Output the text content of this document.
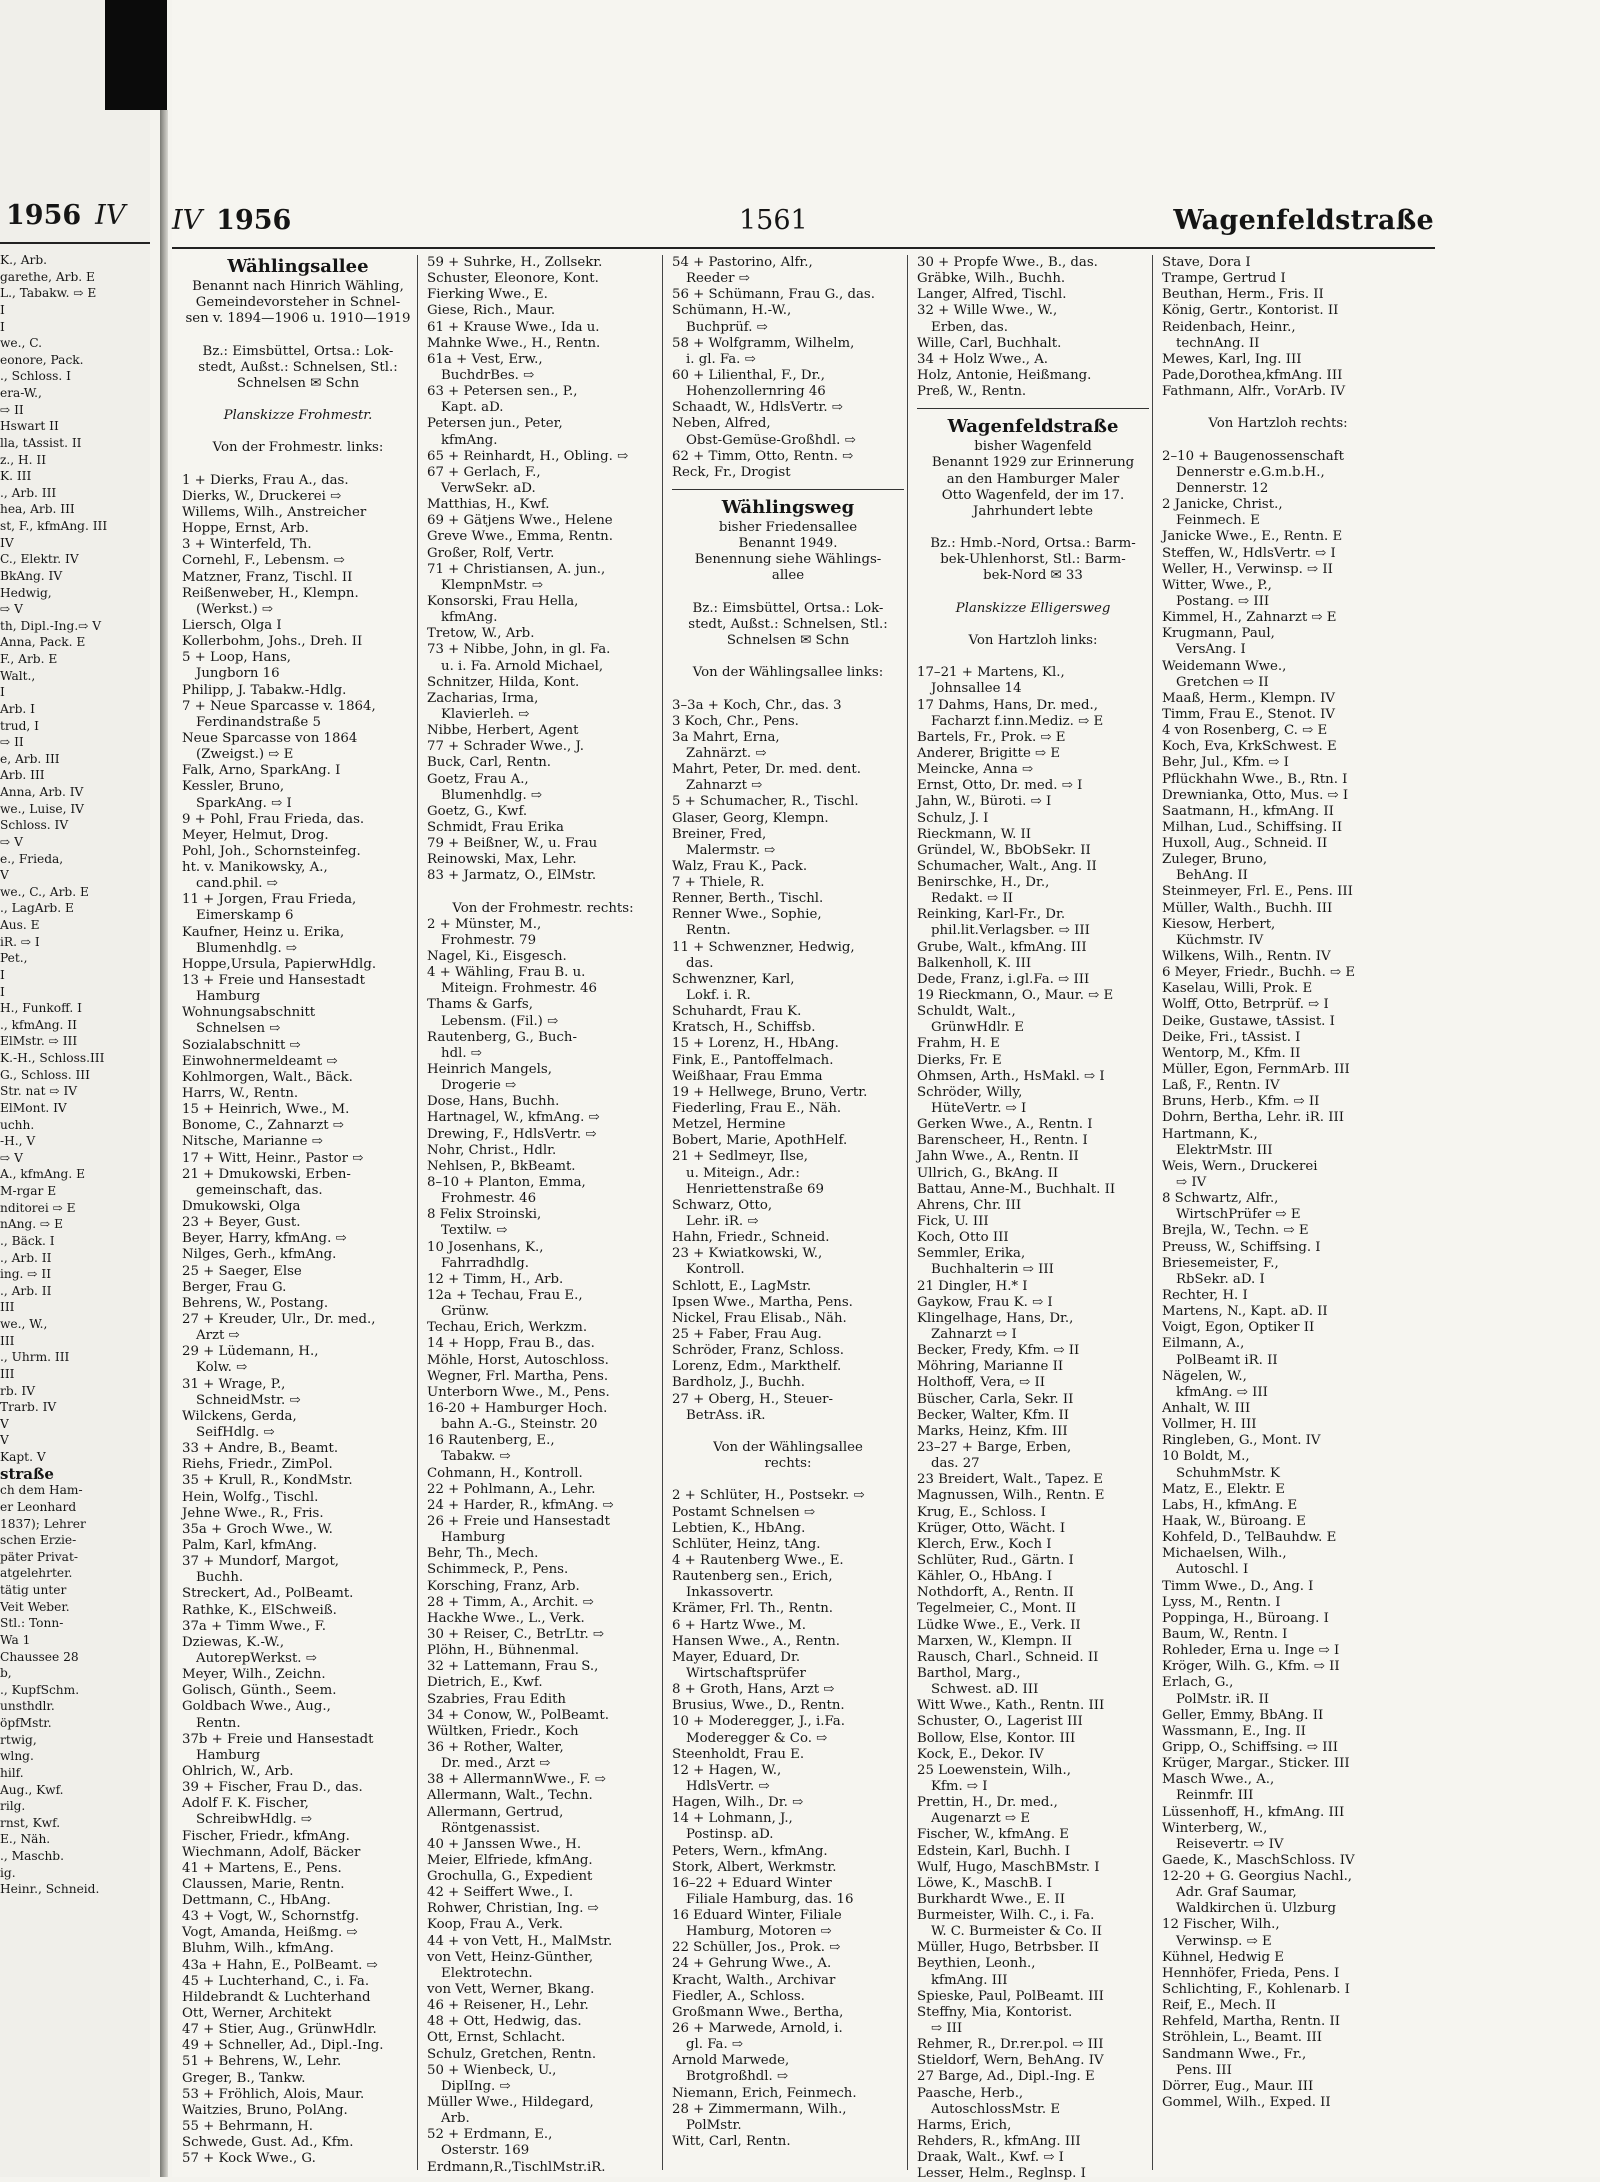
1956 IV
K., Arb.
garethe, Arb. E
L., Tabakw. ⇨ E
I
I
we., C.
eonore, Pack.
., Schloss. I
era-W.,
⇨ II
Hswart II
lla, tAssist. II
z., H. II
K. III
., Arb. III
hea, Arb. III
st, F., kfmAng. III
IV
C., Elektr. IV
BkAng. IV
Hedwig,
⇨ V
th, Dipl.-Ing.⇨ V
Anna, Pack. E
F., Arb. E
Walt.,
I
Arb. I
trud, I
⇨ II
e, Arb. III
Arb. III
Anna, Arb. IV
we., Luise, IV
Schloss. IV
⇨ V
e., Frieda,
V
we., C., Arb. E
., LagArb. E
Aus. E
iR. ⇨ I
Pet.,
I
I
H., Funkoff. I
., kfmAng. II
ElMstr. ⇨ III
K.-H., Schloss.III
G., Schloss. III
Str. nat ⇨ IV
ElMont. IV
uchh.
-H., V
⇨ V
A., kfmAng. E
M-rgar E
nditorei ⇨ E
nAng. ⇨ E
., Bäck. I
., Arb. II
ing. ⇨ II
., Arb. II
III
we., W.,
III
., Uhrm. III
III
rb. IV
Trarb. IV
V
V
Kapt. V
straße
ch dem Ham-
er Leonhard
1837); Lehrer
schen Erzie-
päter Privat-
atgelehrter.
tätig unter
Veit Weber.
Stl.: Tonn-
Wa 1
Chaussee 28
b,
., KupfSchm.
unsthdlr.
öpfMstr.
rtwig,
wlng.
hilf.
Aug., Kwf.
rilg.
rnst, Kwf.
E., Näh.
., Maschb.
ig.
Heinr., Schneid.
IV 1956	1561	Wagenfeldstraße
Wählingsallee
Benannt nach Hinrich Wähling,
Gemeindevorsteher in Schnel-
sen v. 1894—1906 u. 1910—1919
Bz.: Eimsbüttel, Ortsa.: Lok-
stedt, Außst.: Schnelsen, Stl.:
Schnelsen ✉ Schn
Planskizze Frohmestr.
Von der Frohmestr. links:
1 + Dierks, Frau A., das.
Dierks, W., Druckerei ⇨
Willems, Wilh., Anstreicher
Hoppe, Ernst, Arb.
3 + Winterfeld, Th.
Cornehl, F., Lebensm. ⇨
Matzner, Franz, Tischl. II
Reißenweber, H., Klempn.
(Werkst.) ⇨
Liersch, Olga I
Kollerbohm, Johs., Dreh. II
5 + Loop, Hans,
Jungborn 16
Philipp, J. Tabakw.-Hdlg.
7 + Neue Sparcasse v. 1864,
Ferdinandstraße 5
Neue Sparcasse von 1864
(Zweigst.) ⇨ E
Falk, Arno, SparkAng. I
Kessler, Bruno,
SparkAng. ⇨ I
9 + Pohl, Frau Frieda, das.
Meyer, Helmut, Drog.
Pohl, Joh., Schornsteinfeg.
ht. v. Manikowsky, A.,
cand.phil. ⇨
11 + Jorgen, Frau Frieda,
Eimerskamp 6
Kaufner, Heinz u. Erika,
Blumenhdlg. ⇨
Hoppe,Ursula, PapierwHdlg.
13 + Freie und Hansestadt
Hamburg
Wohnungsabschnitt
Schnelsen ⇨
Sozialabschnitt ⇨
Einwohnermeldeamt ⇨
Kohlmorgen, Walt., Bäck.
Harrs, W., Rentn.
15 + Heinrich, Wwe., M.
Bonome, C., Zahnarzt ⇨
Nitsche, Marianne ⇨
17 + Witt, Heinr., Pastor ⇨
21 + Dmukowski, Erben-
gemeinschaft, das.
Dmukowski, Olga
23 + Beyer, Gust.
Beyer, Harry, kfmAng. ⇨
Nilges, Gerh., kfmAng.
25 + Saeger, Else
Berger, Frau G.
Behrens, W., Postang.
27 + Kreuder, Ulr., Dr. med.,
Arzt ⇨
29 + Lüdemann, H.,
Kolw. ⇨
31 + Wrage, P.,
SchneidMstr. ⇨
Wilckens, Gerda,
SeifHdlg. ⇨
33 + Andre, B., Beamt.
Riehs, Friedr., ZimPol.
35 + Krull, R., KondMstr.
Hein, Wolfg., Tischl.
Jehne Wwe., R., Fris.
35a + Groch Wwe., W.
Palm, Karl, kfmAng.
37 + Mundorf, Margot,
Buchh.
Streckert, Ad., PolBeamt.
Rathke, K., ElSchweiß.
37a + Timm Wwe., F.
Dziewas, K.-W.,
AutorepWerkst. ⇨
Meyer, Wilh., Zeichn.
Golisch, Günth., Seem.
Goldbach Wwe., Aug.,
Rentn.
37b + Freie und Hansestadt
Hamburg
Ohlrich, W., Arb.
39 + Fischer, Frau D., das.
Adolf F. K. Fischer,
SchreibwHdlg. ⇨
Fischer, Friedr., kfmAng.
Wiechmann, Adolf, Bäcker
41 + Martens, E., Pens.
Claussen, Marie, Rentn.
Dettmann, C., HbAng.
43 + Vogt, W., Schornstfg.
Vogt, Amanda, Heißmg. ⇨
Bluhm, Wilh., kfmAng.
43a + Hahn, E., PolBeamt. ⇨
45 + Luchterhand, C., i. Fa.
Hildebrandt & Luchterhand
Ott, Werner, Architekt
47 + Stier, Aug., GrünwHdlr.
49 + Schneller, Ad., Dipl.-Ing.
51 + Behrens, W., Lehr.
Greger, B., Tankw.
53 + Fröhlich, Alois, Maur.
Waitzies, Bruno, PolAng.
55 + Behrmann, H.
Schwede, Gust. Ad., Kfm.
57 + Kock Wwe., G.
59 + Suhrke, H., Zollsekr.
Schuster, Eleonore, Kont.
Fierking Wwe., E.
Giese, Rich., Maur.
61 + Krause Wwe., Ida u.
Mahnke Wwe., H., Rentn.
61a + Vest, Erw.,
BuchdrBes. ⇨
63 + Petersen sen., P.,
Kapt. aD.
Petersen jun., Peter,
kfmAng.
65 + Reinhardt, H., Obling. ⇨
67 + Gerlach, F.,
VerwSekr. aD.
Matthias, H., Kwf.
69 + Gätjens Wwe., Helene
Greve Wwe., Emma, Rentn.
Großer, Rolf, Vertr.
71 + Christiansen, A. jun.,
KlempnMstr. ⇨
Konsorski, Frau Hella,
kfmAng.
Tretow, W., Arb.
73 + Nibbe, John, in gl. Fa.
u. i. Fa. Arnold Michael,
Schnitzer, Hilda, Kont.
Zacharias, Irma,
Klavierleh. ⇨
Nibbe, Herbert, Agent
77 + Schrader Wwe., J.
Buck, Carl, Rentn.
Goetz, Frau A.,
Blumenhdlg. ⇨
Goetz, G., Kwf.
Schmidt, Frau Erika
79 + Beißner, W., u. Frau
Reinowski, Max, Lehr.
83 + Jarmatz, O., ElMstr.
Von der Frohmestr. rechts:
2 + Münster, M.,
Frohmestr. 79
Nagel, Ki., Eisgesch.
4 + Wähling, Frau B. u.
Miteign. Frohmestr. 46
Thams & Garfs,
Lebensm. (Fil.) ⇨
Rautenberg, G., Buch-
hdl. ⇨
Heinrich Mangels,
Drogerie ⇨
Dose, Hans, Buchh.
Hartnagel, W., kfmAng. ⇨
Drewing, F., HdlsVertr. ⇨
Nohr, Christ., Hdlr.
Nehlsen, P., BkBeamt.
8–10 + Planton, Emma,
Frohmestr. 46
8 Felix Stroinski,
Textilw. ⇨
10 Josenhans, K.,
Fahrradhdlg.
12 + Timm, H., Arb.
12a + Techau, Frau E.,
Grünw.
Techau, Erich, Werkzm.
14 + Hopp, Frau B., das.
Möhle, Horst, Autoschloss.
Wegner, Frl. Martha, Pens.
Unterborn Wwe., M., Pens.
16-20 + Hamburger Hoch.
bahn A.-G., Steinstr. 20
16 Rautenberg, E.,
Tabakw. ⇨
Cohmann, H., Kontroll.
22 + Pohlmann, A., Lehr.
24 + Harder, R., kfmAng. ⇨
26 + Freie und Hansestadt
Hamburg
Behr, Th., Mech.
Schimmeck, P., Pens.
Korsching, Franz, Arb.
28 + Timm, A., Archit. ⇨
Hackhe Wwe., L., Verk.
30 + Reiser, C., BetrLtr. ⇨
Plöhn, H., Bühnenmal.
32 + Lattemann, Frau S.,
Dietrich, E., Kwf.
Szabries, Frau Edith
34 + Conow, W., PolBeamt.
Wültken, Friedr., Koch
36 + Rother, Walter,
Dr. med., Arzt ⇨
38 + AllermannWwe., F. ⇨
Allermann, Walt., Techn.
Allermann, Gertrud,
Röntgenassist.
40 + Janssen Wwe., H.
Meier, Elfriede, kfmAng.
Grochulla, G., Expedient
42 + Seiffert Wwe., I.
Rohwer, Christian, Ing. ⇨
Koop, Frau A., Verk.
44 + von Vett, H., MalMstr.
von Vett, Heinz-Günther,
Elektrotechn.
von Vett, Werner, Bkang.
46 + Reisener, H., Lehr.
48 + Ott, Hedwig, das.
Ott, Ernst, Schlacht.
Schulz, Gretchen, Rentn.
50 + Wienbeck, U.,
DiplIng. ⇨
Müller Wwe., Hildegard,
Arb.
52 + Erdmann, E.,
Osterstr. 169
Erdmann,R.,TischlMstr.iR.
54 + Pastorino, Alfr.,
Reeder ⇨
56 + Schümann, Frau G., das.
Schümann, H.-W.,
Buchprüf. ⇨
58 + Wolfgramm, Wilhelm,
i. gl. Fa. ⇨
60 + Lilienthal, F., Dr.,
Hohenzollernring 46
Schaadt, W., HdlsVertr. ⇨
Neben, Alfred,
Obst-Gemüse-Großhdl. ⇨
62 + Timm, Otto, Rentn. ⇨
Reck, Fr., Drogist
Wählingsweg
bisher Friedensallee
Benannt 1949.
Benennung siehe Wählings-
allee
Bz.: Eimsbüttel, Ortsa.: Lok-
stedt, Außst.: Schnelsen, Stl.:
Schnelsen ✉ Schn
Von der Wählingsallee links:
3–3a + Koch, Chr., das. 3
3 Koch, Chr., Pens.
3a Mahrt, Erna,
Zahnärzt. ⇨
Mahrt, Peter, Dr. med. dent.
Zahnarzt ⇨
5 + Schumacher, R., Tischl.
Glaser, Georg, Klempn.
Breiner, Fred,
Malermstr. ⇨
Walz, Frau K., Pack.
7 + Thiele, R.
Renner, Berth., Tischl.
Renner Wwe., Sophie,
Rentn.
11 + Schwenzner, Hedwig,
das.
Schwenzner, Karl,
Lokf. i. R.
Schuhardt, Frau K.
Kratsch, H., Schiffsb.
15 + Lorenz, H., HbAng.
Fink, E., Pantoffelmach.
Weißhaar, Frau Emma
19 + Hellwege, Bruno, Vertr.
Fiederling, Frau E., Näh.
Metzel, Hermine
Bobert, Marie, ApothHelf.
21 + Sedlmeyr, Ilse,
u. Miteign., Adr.:
Henriettenstraße 69
Schwarz, Otto,
Lehr. iR. ⇨
Hahn, Friedr., Schneid.
23 + Kwiatkowski, W.,
Kontroll.
Schlott, E., LagMstr.
Ipsen Wwe., Martha, Pens.
Nickel, Frau Elisab., Näh.
25 + Faber, Frau Aug.
Schröder, Franz, Schloss.
Lorenz, Edm., Markthelf.
Bardholz, J., Buchh.
27 + Oberg, H., Steuer-
BetrAss. iR.
Von der Wählingsallee
rechts:
2 + Schlüter, H., Postsekr. ⇨
Postamt Schnelsen ⇨
Lebtien, K., HbAng.
Schlüter, Heinz, tAng.
4 + Rautenberg Wwe., E.
Rautenberg sen., Erich,
Inkassovertr.
Krämer, Frl. Th., Rentn.
6 + Hartz Wwe., M.
Hansen Wwe., A., Rentn.
Mayer, Eduard, Dr.
Wirtschaftsprüfer
8 + Groth, Hans, Arzt ⇨
Brusius, Wwe., D., Rentn.
10 + Moderegger, J., i.Fa.
Moderegger & Co. ⇨
Steenholdt, Frau E.
12 + Hagen, W.,
HdlsVertr. ⇨
Hagen, Wilh., Dr. ⇨
14 + Lohmann, J.,
Postinsp. aD.
Peters, Wern., kfmAng.
Stork, Albert, Werkmstr.
16–22 + Eduard Winter
Filiale Hamburg, das. 16
16 Eduard Winter, Filiale
Hamburg, Motoren ⇨
22 Schüller, Jos., Prok. ⇨
24 + Gehrung Wwe., A.
Kracht, Walth., Archivar
Fiedler, A., Schloss.
Großmann Wwe., Bertha,
26 + Marwede, Arnold, i.
gl. Fa. ⇨
Arnold Marwede,
Brotgroßhdl. ⇨
Niemann, Erich, Feinmech.
28 + Zimmermann, Wilh.,
PolMstr.
Witt, Carl, Rentn.
30 + Propfe Wwe., B., das.
Gräbke, Wilh., Buchh.
Langer, Alfred, Tischl.
32 + Wille Wwe., W.,
Erben, das.
Wille, Carl, Buchhalt.
34 + Holz Wwe., A.
Holz, Antonie, Heißmang.
Preß, W., Rentn.
Wagenfeldstraße
bisher Wagenfeld
Benannt 1929 zur Erinnerung
an den Hamburger Maler
Otto Wagenfeld, der im 17.
Jahrhundert lebte
Bz.: Hmb.-Nord, Ortsa.: Barm-
bek-Uhlenhorst, Stl.: Barm-
bek-Nord ✉ 33
Planskizze Elligersweg
Von Hartzloh links:
17–21 + Martens, Kl.,
Johnsallee 14
17 Dahms, Hans, Dr. med.,
Facharzt f.inn.Mediz. ⇨ E
Bartels, Fr., Prok. ⇨ E
Anderer, Brigitte ⇨ E
Meincke, Anna ⇨
Ernst, Otto, Dr. med. ⇨ I
Jahn, W., Büroti. ⇨ I
Schulz, J. I
Rieckmann, W. II
Gründel, W., BbObSekr. II
Schumacher, Walt., Ang. II
Benirschke, H., Dr.,
Redakt. ⇨ II
Reinking, Karl-Fr., Dr.
phil.lit.Verlagsber. ⇨ III
Grube, Walt., kfmAng. III
Balkenholl, K. III
Dede, Franz, i.gl.Fa. ⇨ III
19 Rieckmann, O., Maur. ⇨ E
Schuldt, Walt.,
GrünwHdlr. E
Frahm, H. E
Dierks, Fr. E
Ohmsen, Arth., HsMakl. ⇨ I
Schröder, Willy,
HüteVertr. ⇨ I
Gerken Wwe., A., Rentn. I
Barenscheer, H., Rentn. I
Jahn Wwe., A., Rentn. II
Ullrich, G., BkAng. II
Battau, Anne-M., Buchhalt. II
Ahrens, Chr. III
Fick, U. III
Koch, Otto III
Semmler, Erika,
Buchhalterin ⇨ III
21 Dingler, H.* I
Gaykow, Frau K. ⇨ I
Klingelhage, Hans, Dr.,
Zahnarzt ⇨ I
Becker, Fredy, Kfm. ⇨ II
Möhring, Marianne II
Holthoff, Vera, ⇨ II
Büscher, Carla, Sekr. II
Becker, Walter, Kfm. II
Marks, Heinz, Kfm. III
23–27 + Barge, Erben,
das. 27
23 Breidert, Walt., Tapez. E
Magnussen, Wilh., Rentn. E
Krug, E., Schloss. I
Krüger, Otto, Wächt. I
Klerch, Erw., Koch I
Schlüter, Rud., Gärtn. I
Kähler, O., HbAng. I
Nothdorft, A., Rentn. II
Tegelmeier, C., Mont. II
Lüdke Wwe., E., Verk. II
Marxen, W., Klempn. II
Rausch, Charl., Schneid. II
Barthol, Marg.,
Schwest. aD. III
Witt Wwe., Kath., Rentn. III
Schuster, O., Lagerist III
Bollow, Else, Kontor. III
Kock, E., Dekor. IV
25 Loewenstein, Wilh.,
Kfm. ⇨ I
Prettin, H., Dr. med.,
Augenarzt ⇨ E
Fischer, W., kfmAng. E
Edstein, Karl, Buchh. I
Wulf, Hugo, MaschBMstr. I
Löwe, K., MaschB. I
Burkhardt Wwe., E. II
Burmeister, Wilh. C., i. Fa.
W. C. Burmeister & Co. II
Müller, Hugo, Betrbsber. II
Beythien, Leonh.,
kfmAng. III
Spieske, Paul, PolBeamt. III
Steffny, Mia, Kontorist.
⇨ III
Rehmer, R., Dr.rer.pol. ⇨ III
Stieldorf, Wern, BehAng. IV
27 Barge, Ad., Dipl.-Ing. E
Paasche, Herb.,
AutoschlossMstr. E
Harms, Erich,
Rehders, R., kfmAng. III
Draak, Walt., Kwf. ⇨ I
Lesser, Helm., Reglnsp. I
Stave, Dora I
Trampe, Gertrud I
Beuthan, Herm., Fris. II
König, Gertr., Kontorist. II
Reidenbach, Heinr.,
technAng. II
Mewes, Karl, Ing. III
Pade,Dorothea,kfmAng. III
Fathmann, Alfr., VorArb. IV
Von Hartzloh rechts:
2–10 + Baugenossenschaft
Dennerstr e.G.m.b.H.,
Dennerstr. 12
2 Janicke, Christ.,
Feinmech. E
Janicke Wwe., E., Rentn. E
Steffen, W., HdlsVertr. ⇨ I
Weller, H., Verwinsp. ⇨ II
Witter, Wwe., P.,
Postang. ⇨ III
Kimmel, H., Zahnarzt ⇨ E
Krugmann, Paul,
VersAng. I
Weidemann Wwe.,
Gretchen ⇨ II
Maaß, Herm., Klempn. IV
Timm, Frau E., Stenot. IV
4 von Rosenberg, C. ⇨ E
Koch, Eva, KrkSchwest. E
Behr, Jul., Kfm. ⇨ I
Pflückhahn Wwe., B., Rtn. I
Drewnianka, Otto, Mus. ⇨ I
Saatmann, H., kfmAng. II
Milhan, Lud., Schiffsing. II
Huxoll, Aug., Schneid. II
Zuleger, Bruno,
BehAng. II
Steinmeyer, Frl. E., Pens. III
Müller, Walth., Buchh. III
Kiesow, Herbert,
Küchmstr. IV
Wilkens, Wilh., Rentn. IV
6 Meyer, Friedr., Buchh. ⇨ E
Kaselau, Willi, Prok. E
Wolff, Otto, Betrprüf. ⇨ I
Deike, Gustawe, tAssist. I
Deike, Fri., tAssist. I
Wentorp, M., Kfm. II
Müller, Egon, FernmArb. III
Laß, F., Rentn. IV
Bruns, Herb., Kfm. ⇨ II
Dohrn, Bertha, Lehr. iR. III
Hartmann, K.,
ElektrMstr. III
Weis, Wern., Druckerei
⇨ IV
8 Schwartz, Alfr.,
WirtschPrüfer ⇨ E
Brejla, W., Techn. ⇨ E
Preuss, W., Schiffsing. I
Briesemeister, F.,
RbSekr. aD. I
Rechter, H. I
Martens, N., Kapt. aD. II
Voigt, Egon, Optiker II
Eilmann, A.,
PolBeamt iR. II
Nägelen, W.,
kfmAng. ⇨ III
Anhalt, W. III
Vollmer, H. III
Ringleben, G., Mont. IV
10 Boldt, M.,
SchuhmMstr. K
Matz, E., Elektr. E
Labs, H., kfmAng. E
Haak, W., Büroang. E
Kohfeld, D., TelBauhdw. E
Michaelsen, Wilh.,
Autoschl. I
Timm Wwe., D., Ang. I
Lyss, M., Rentn. I
Poppinga, H., Büroang. I
Baum, W., Rentn. I
Rohleder, Erna u. Inge ⇨ I
Kröger, Wilh. G., Kfm. ⇨ II
Erlach, G.,
PolMstr. iR. II
Geller, Emmy, BbAng. II
Wassmann, E., Ing. II
Gripp, O., Schiffsing. ⇨ III
Krüger, Margar., Sticker. III
Masch Wwe., A.,
Reinmfr. III
Lüssenhoff, H., kfmAng. III
Winterberg, W.,
Reisevertr. ⇨ IV
Gaede, K., MaschSchloss. IV
12-20 + G. Georgius Nachl.,
Adr. Graf Saumar,
Waldkirchen ü. Ulzburg
12 Fischer, Wilh.,
Verwinsp. ⇨ E
Kühnel, Hedwig E
Hennhöfer, Frieda, Pens. I
Schlichting, F., Kohlenarb. I
Reif, E., Mech. II
Rehfeld, Martha, Rentn. II
Ströhlein, L., Beamt. III
Sandmann Wwe., Fr.,
Pens. III
Dörrer, Eug., Maur. III
Gommel, Wilh., Exped. II
